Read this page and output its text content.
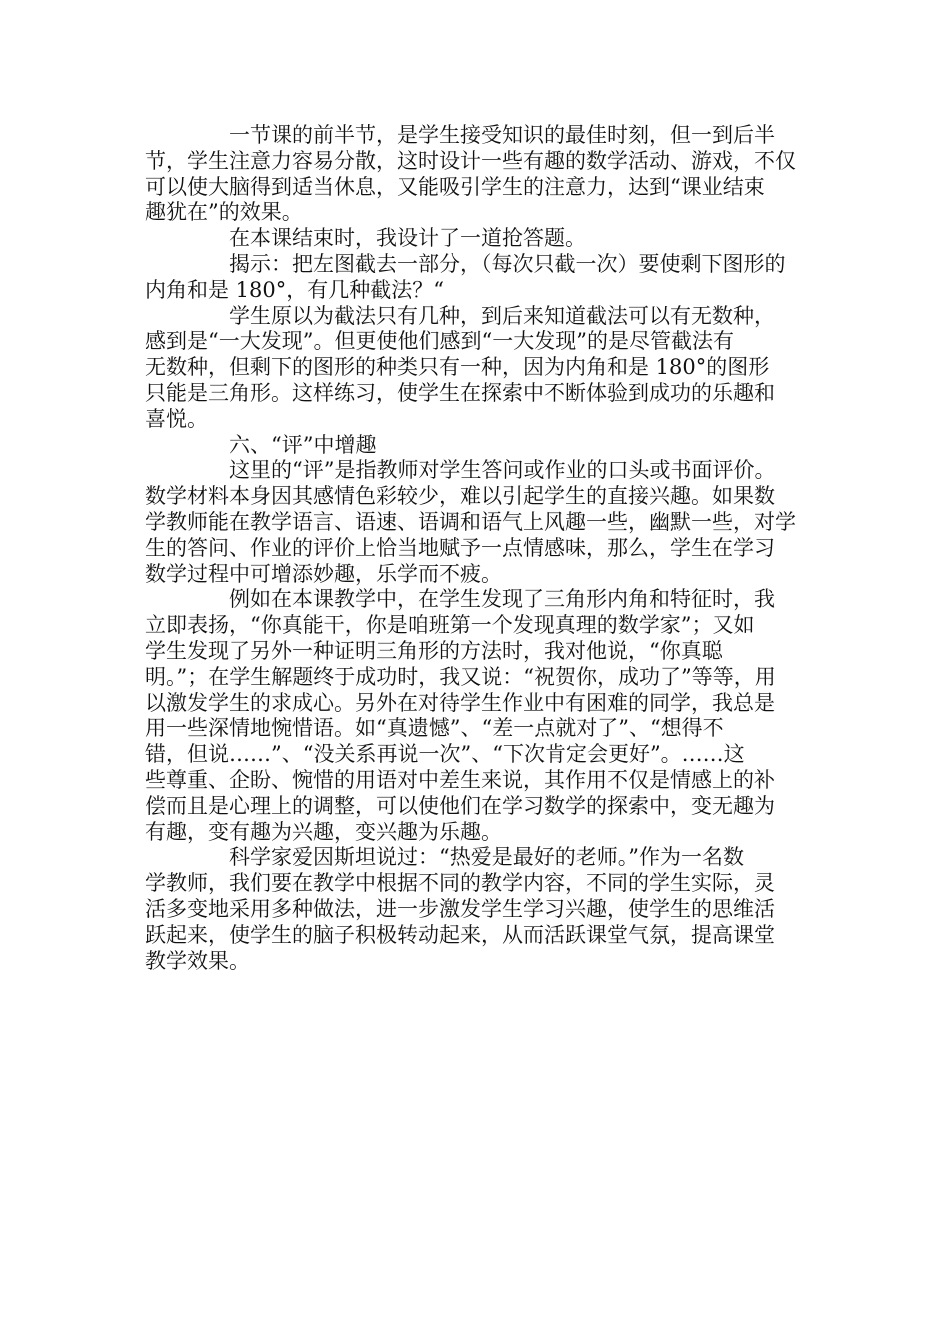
一节课的前半节，是学生接受知识的最佳时刻，但一到后半
节，学生注意力容易分散，这时设计一些有趣的数学活动、游戏，不仅
可以使大脑得到适当休息，又能吸引学生的注意力，达到“课业结束
趣犹在”的效果。
在本课结束时，我设计了一道抢答题。
揭示：把左图截去一部分，（每次只截一次）要使剩下图形的
内角和是 180°，有几种截法？“
学生原以为截法只有几种，到后来知道截法可以有无数种，
感到是“一大发现”。但更使他们感到“一大发现”的是尽管截法有
无数种，但剩下的图形的种类只有一种，因为内角和是 180°的图形
只能是三角形。这样练习，使学生在探索中不断体验到成功的乐趣和
喜悦。
六、“评”中增趣
这里的“评”是指教师对学生答问或作业的口头或书面评价。
数学材料本身因其感情色彩较少，难以引起学生的直接兴趣。如果数
学教师能在教学语言、语速、语调和语气上风趣一些，幽默一些，对学
生的答问、作业的评价上恰当地赋予一点情感味，那么，学生在学习
数学过程中可增添妙趣，乐学而不疲。
例如在本课教学中，在学生发现了三角形内角和特征时，我
立即表扬，“你真能干，你是咱班第一个发现真理的数学家”；又如
学生发现了另外一种证明三角形的方法时，我对他说，“你真聪
明。”；在学生解题终于成功时，我又说：“祝贺你，成功了”等等，用
以激发学生的求成心。另外在对待学生作业中有困难的同学，我总是
用一些深情地惋惜语。如“真遗憾”、“差一点就对了”、“想得不
错，但说……”、“没关系再说一次”、“下次肯定会更好”。……这
些尊重、企盼、惋惜的用语对中差生来说，其作用不仅是情感上的补
偿而且是心理上的调整，可以使他们在学习数学的探索中，变无趣为
有趣，变有趣为兴趣，变兴趣为乐趣。
科学家爱因斯坦说过：“热爱是最好的老师。”作为一名数
学教师，我们要在教学中根据不同的教学内容，不同的学生实际，灵
活多变地采用多种做法，进一步激发学生学习兴趣，使学生的思维活
跃起来，使学生的脑子积极转动起来，从而活跃课堂气氛，提高课堂
教学效果。
